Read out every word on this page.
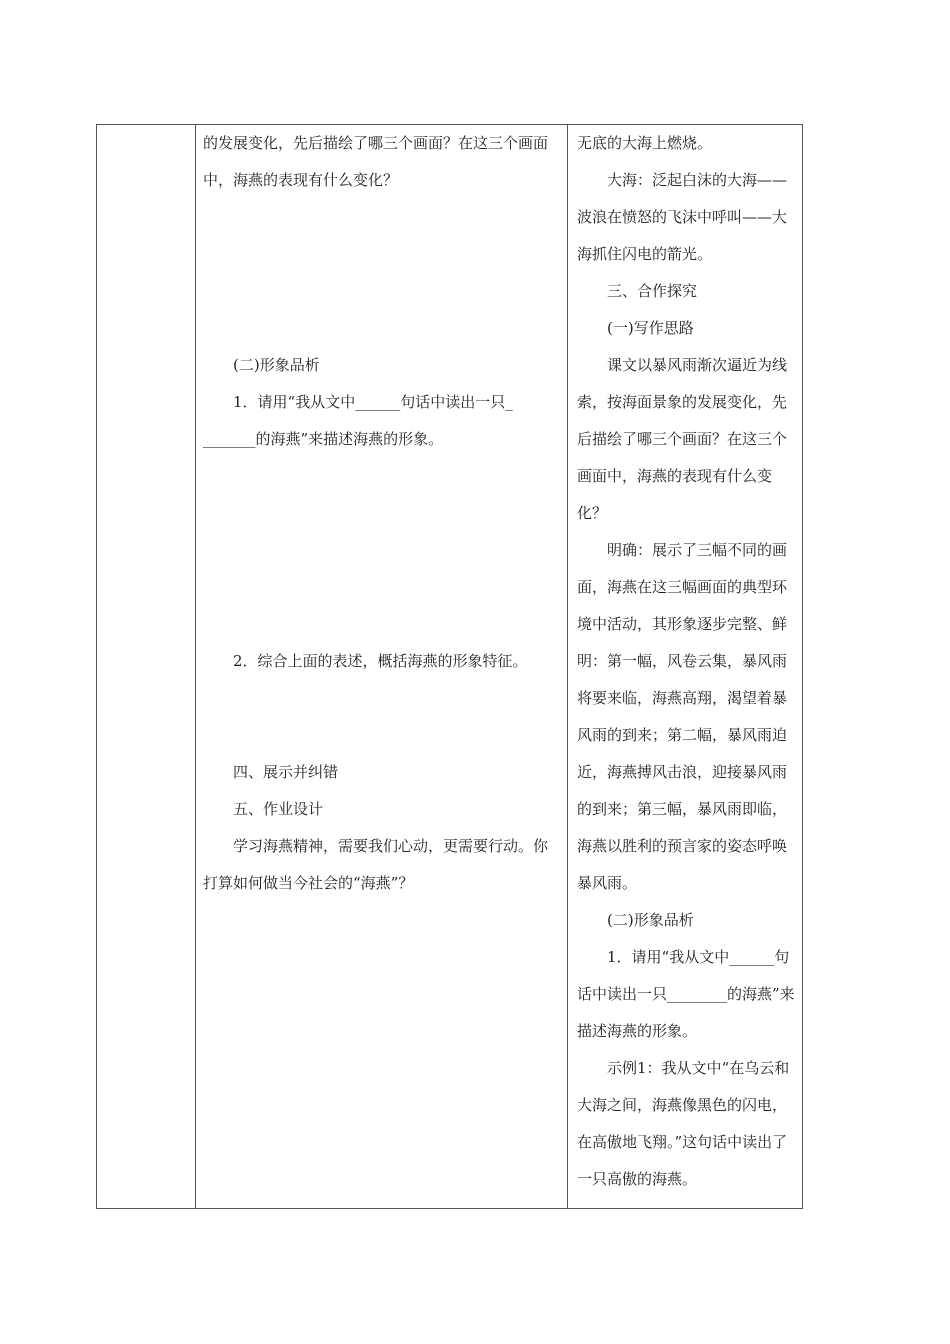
的发展变化，先后描绘了哪三个画面？在这三个画面中，海燕的表现有什么变化？

(二)形象品析

1．请用“我从文中______句话中读出一只_ _______的海燕”来描述海燕的形象。

2．综合上面的表述，概括海燕的形象特征。

四、展示并纠错

五、作业设计

学习海燕精神，需要我们心动，更需要行动。你打算如何做当今社会的“海燕”？

无底的大海上燃烧。

大海：泛起白沫的大海——波浪在愤怒的飞沫中呼叫——大海抓住闪电的箭光。

三、合作探究

(一)写作思路

课文以暴风雨渐次逼近为线索，按海面景象的发展变化，先后描绘了哪三个画面？在这三个画面中，海燕的表现有什么变化？

明确：展示了三幅不同的画面，海燕在这三幅画面的典型环境中活动，其形象逐步完整、鲜明：第一幅，风卷云集，暴风雨将要来临，海燕高翔，渴望着暴风雨的到来；第二幅，暴风雨迫近，海燕搏风击浪，迎接暴风雨的到来；第三幅，暴风雨即临，海燕以胜利的预言家的姿态呼唤暴风雨。

(二)形象品析

1．请用“我从文中______句话中读出一只________的海燕”来描述海燕的形象。

示例1：我从文中“在乌云和大海之间，海燕像黑色的闪电，在高傲地飞翔。”这句话中读出了一只高傲的海燕。
